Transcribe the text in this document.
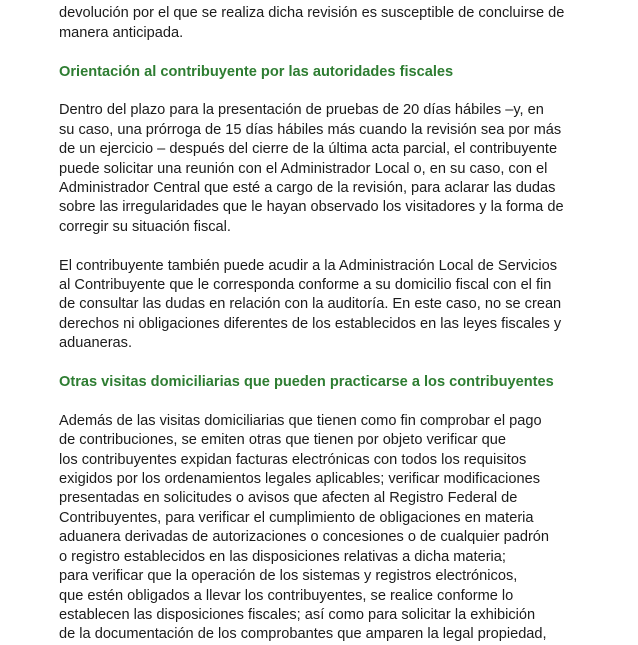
devolución por el que se realiza dicha revisión es susceptible de concluirse de
manera anticipada.

Orientación al contribuyente por las autoridades fiscales

Dentro del plazo para la presentación de pruebas de 20 días hábiles –y, en
su caso, una prórroga de 15 días hábiles más cuando la revisión sea por más
de un ejercicio – después del cierre de la última acta parcial, el contribuyente
puede solicitar una reunión con el Administrador Local o, en su caso, con el
Administrador Central que esté a cargo de la revisión, para aclarar las dudas
sobre las irregularidades que le hayan observado los visitadores y la forma de
corregir su situación fiscal.

El contribuyente también puede acudir a la Administración Local de Servicios
al Contribuyente que le corresponda conforme a su domicilio fiscal con el fin
de consultar las dudas en relación con la auditoría. En este caso, no se crean
derechos ni obligaciones diferentes de los establecidos en las leyes fiscales y
aduaneras.

Otras visitas domiciliarias que pueden practicarse a los contribuyentes

Además de las visitas domiciliarias que tienen como fin comprobar el pago
de contribuciones, se emiten otras que tienen por objeto verificar que
los contribuyentes expidan facturas electrónicas con todos los requisitos
exigidos por los ordenamientos legales aplicables; verificar modificaciones
presentadas en solicitudes o avisos que afecten al Registro Federal de
Contribuyentes, para verificar el cumplimiento de obligaciones en materia
aduanera derivadas de autorizaciones o concesiones o de cualquier padrón
o registro establecidos en las disposiciones relativas a dicha materia;
para verificar que la operación de los sistemas y registros electrónicos,
que estén obligados a llevar los contribuyentes, se realice conforme lo
establecen las disposiciones fiscales; así como para solicitar la exhibición
de la documentación de los comprobantes que amparen la legal propiedad,
